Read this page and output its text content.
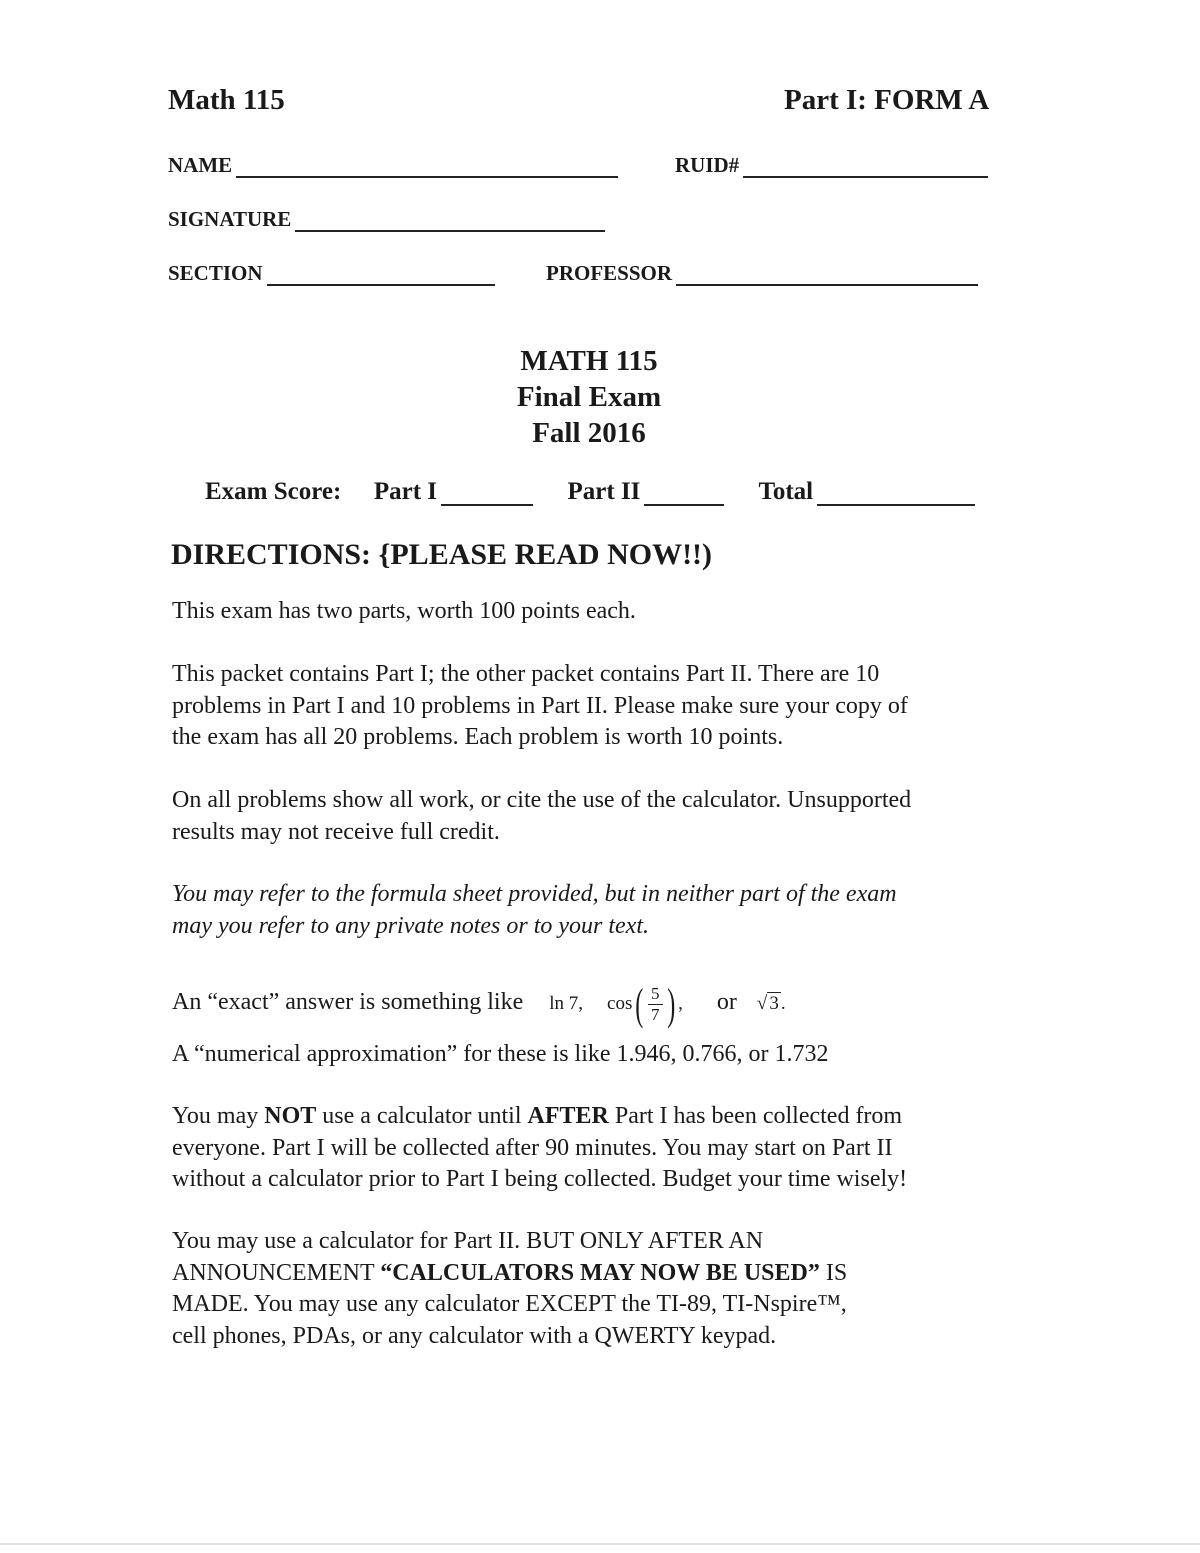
Math 115	Part I: FORM A
NAME	RUID#
SIGNATURE
SECTION	PROFESSOR
MATH 115
Final Exam
Fall 2016
Exam Score: Part I	Part II	Total
DIRECTIONS: {PLEASE READ NOW!!)

This exam has two parts, worth 100 points each.

This packet contains Part I; the other packet contains Part II. There are 10

problems in Part I and 10 problems in Part II. Please make sure your copy of

the exam has all 20 problems. Each problem is worth 10 points.

On all problems show all work, or cite the use of the calculator. Unsupported

results may not receive full credit.

You may refer to the formula sheet provided, but in neither part of the exam

may you refer to any private notes or to your text.

An “exact” answer is something like ln 7, $\cos( \frac{5}{7}$ ) , or √ 3 .

A “numerical approximation” for these is like 1.946, 0.766, or 1.732

You may NOT use a calculator until AFTER Part I has been collected from

everyone. Part I will be collected after 90 minutes. You may start on Part II

without a calculator prior to Part I being collected. Budget your time wisely!

You may use a calculator for Part II. BUT ONLY AFTER AN

ANNOUNCEMENT “CALCULATORS MAY NOW BE USED” IS

MADE. You may use any calculator EXCEPT the TI-89, TI-Nspire™,

cell phones, PDAs, or any calculator with a QWERTY keypad.
